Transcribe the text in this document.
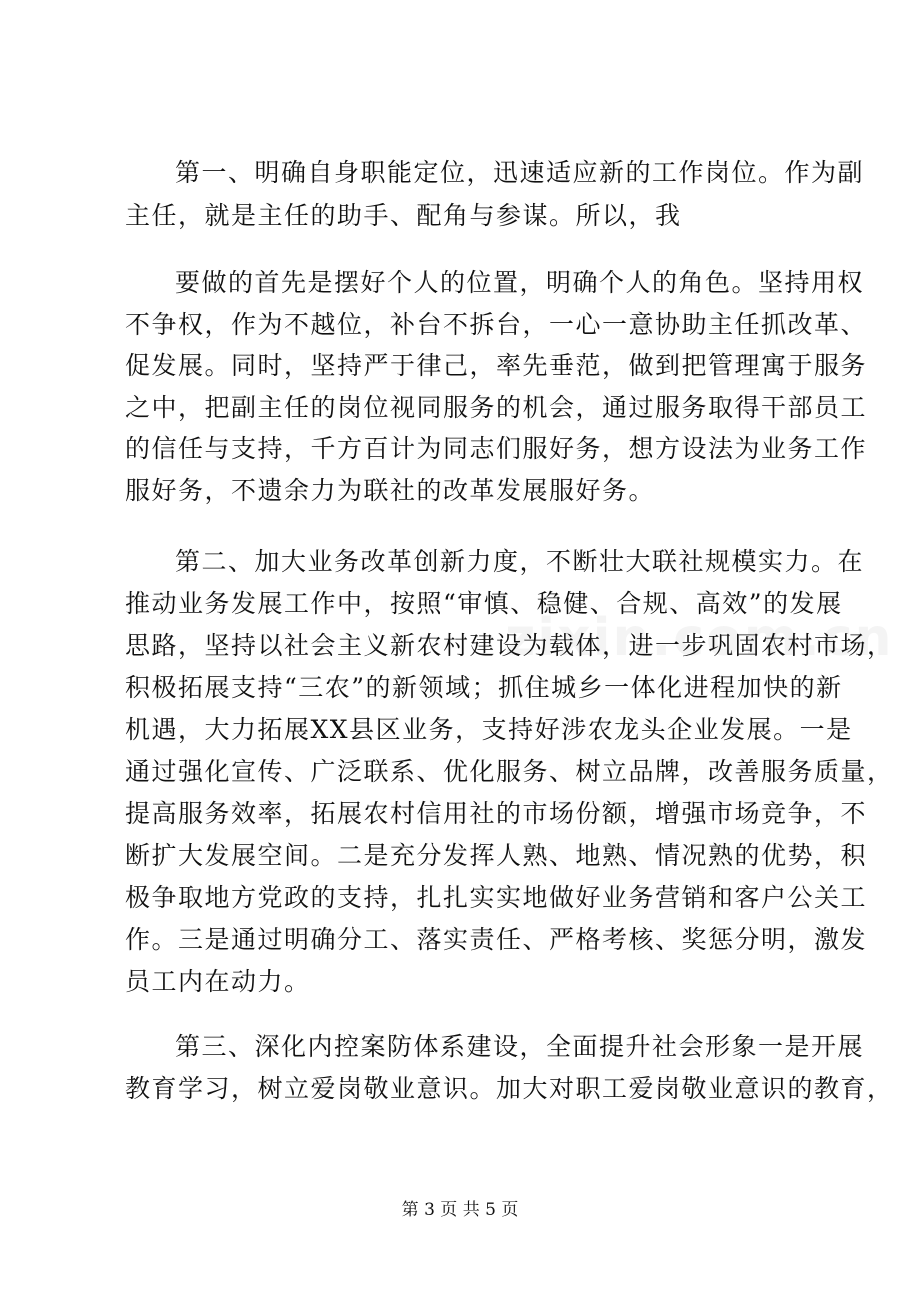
第一、明确自身职能定位，迅速适应新的工作岗位。作为副
主任，就是主任的助手、配角与参谋。所以，我
要做的首先是摆好个人的位置，明确个人的角色。坚持用权
不争权，作为不越位，补台不拆台，一心一意协助主任抓改革、
促发展。同时，坚持严于律己，率先垂范，做到把管理寓于服务
之中，把副主任的岗位视同服务的机会，通过服务取得干部员工
的信任与支持，千方百计为同志们服好务，想方设法为业务工作
服好务，不遗余力为联社的改革发展服好务。
第二、加大业务改革创新力度，不断壮大联社规模实力。在
推动业务发展工作中，按照“审慎、稳健、合规、高效”的发展
思路，坚持以社会主义新农村建设为载体，进一步巩固农村市场，
积极拓展支持“三农”的新领域；抓住城乡一体化进程加快的新
机遇，大力拓展XX县区业务，支持好涉农龙头企业发展。一是
通过强化宣传、广泛联系、优化服务、树立品牌，改善服务质量，
提高服务效率，拓展农村信用社的市场份额，增强市场竞争，不
断扩大发展空间。二是充分发挥人熟、地熟、情况熟的优势，积
极争取地方党政的支持，扎扎实实地做好业务营销和客户公关工
作。三是通过明确分工、落实责任、严格考核、奖惩分明，激发
员工内在动力。
第三、深化内控案防体系建设，全面提升社会形象一是开展
教育学习，树立爱岗敬业意识。加大对职工爱岗敬业意识的教育，
第 3 页 共 5 页
